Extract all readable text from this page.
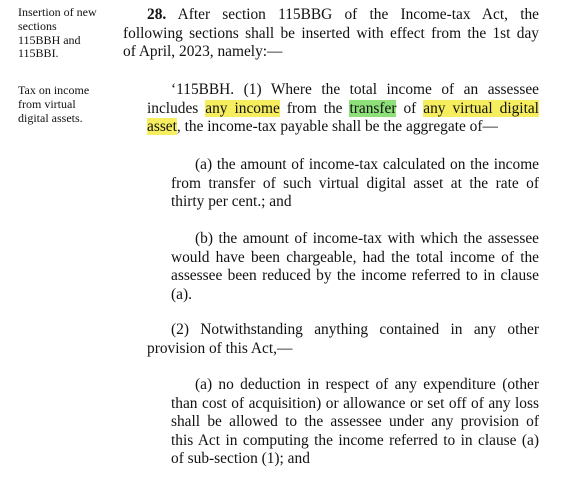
Insertion of new
sections
115BBH and
115BBI.
Tax on income
from virtual
digital assets.
28. After section 115BBG of the Income-tax Act, the
following sections shall be inserted with effect from the 1st day
of April, 2023, namely:—
‘115BBH. (1) Where the total income of an assessee
includes any income from the transfer of any virtual digital
asset, the income-tax payable shall be the aggregate of—
(a) the amount of income-tax calculated on the income
from transfer of such virtual digital asset at the rate of
thirty per cent.; and
(b) the amount of income-tax with which the assessee
would have been chargeable, had the total income of the
assessee been reduced by the income referred to in clause
(a).
(2) Notwithstanding anything contained in any other
provision of this Act,—
(a) no deduction in respect of any expenditure (other
than cost of acquisition) or allowance or set off of any loss
shall be allowed to the assessee under any provision of
this Act in computing the income referred to in clause (a)
of sub-section (1); and
